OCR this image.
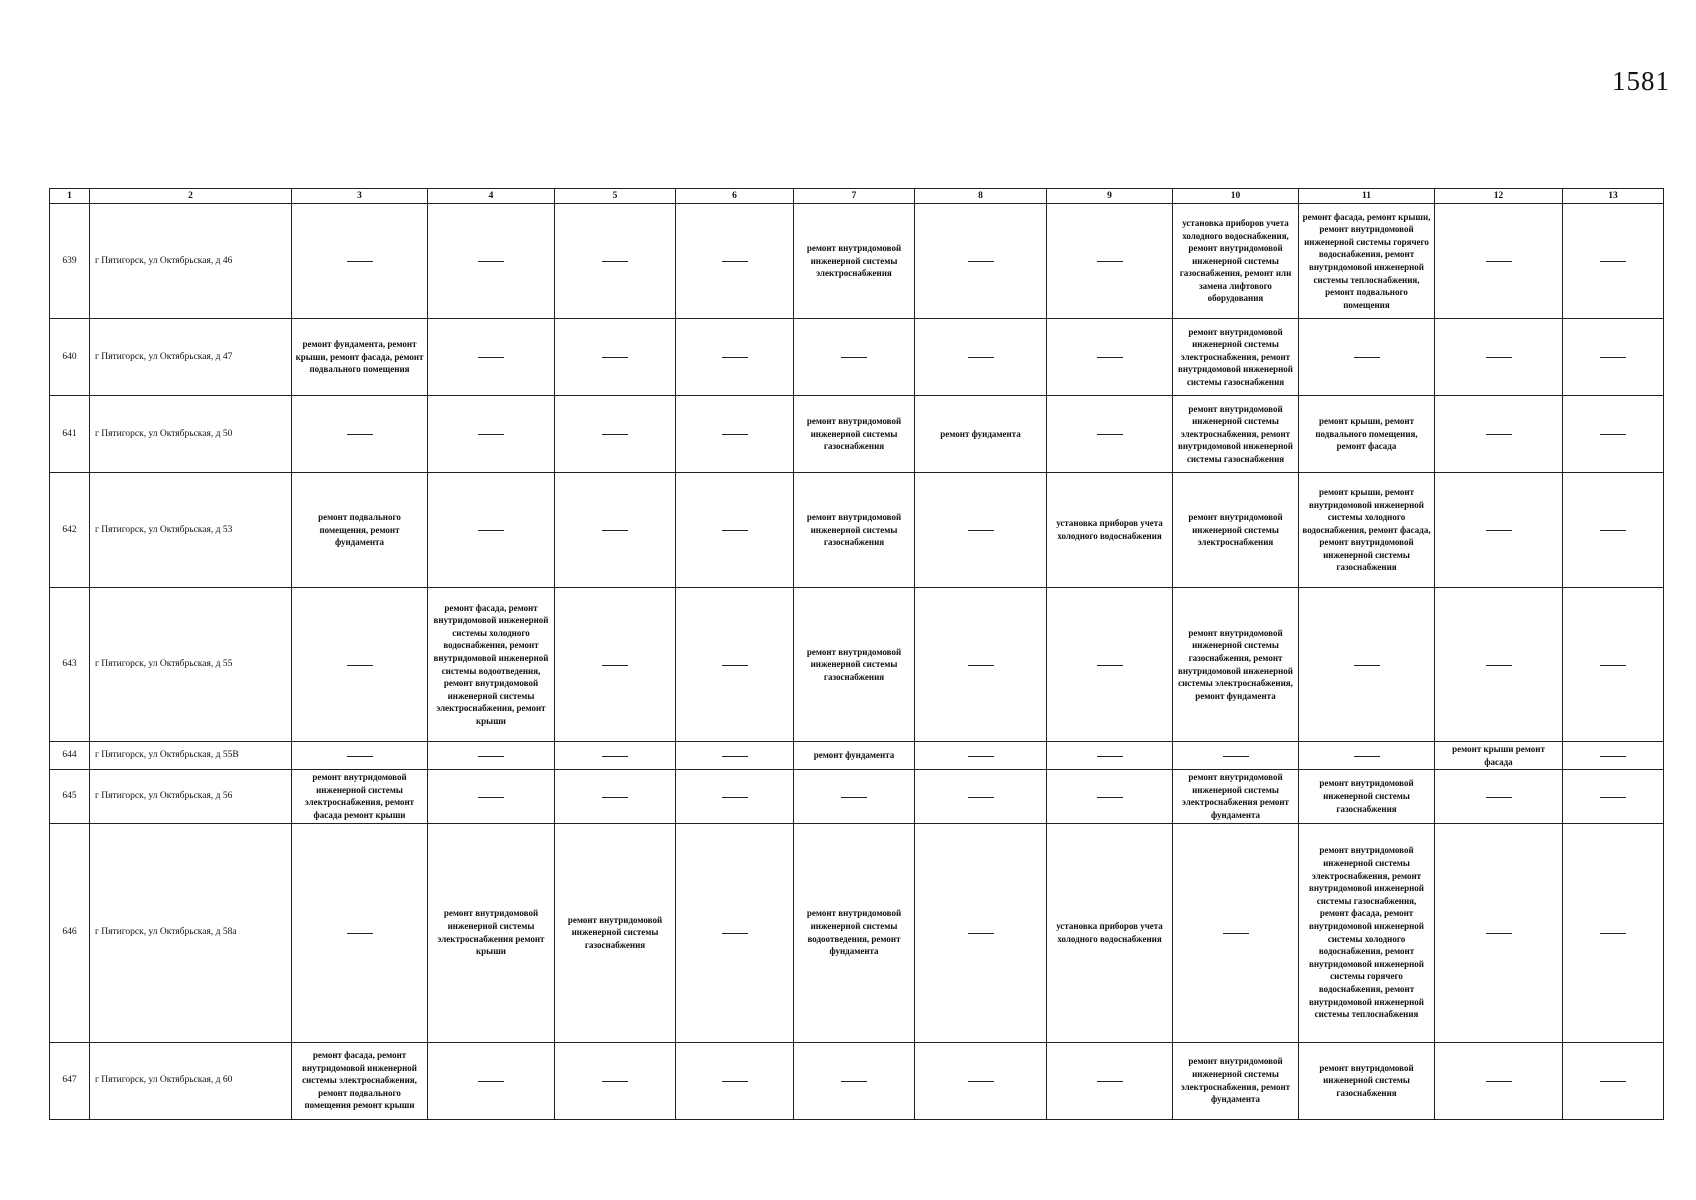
1581
1	2	3	4	5	6	7	8	9	10	11	12	13
639	г Пятигорск, ул Октябрьская, д 46					ремонт внутридомовой инженерной системы электроснабжения			установка приборов учета холодного водоснабжения, ремонт внутридомовой инженерной системы газоснабжения, ремонт или замена лифтового оборудования	ремонт фасада, ремонт крыши, ремонт внутридомовой инженерной системы горячего водоснабжения, ремонт внутридомовой инженерной системы теплоснабжения, ремонт подвального помещения		
640	г Пятигорск, ул Октябрьская, д 47	ремонт фундамента, ремонт крыши, ремонт фасада, ремонт подвального помещения							ремонт внутридомовой инженерной системы электроснабжения, ремонт внутридомовой инженерной системы газоснабжения			
641	г Пятигорск, ул Октябрьская, д 50					ремонт внутридомовой инженерной системы газоснабжения	ремонт фундамента		ремонт внутридомовой инженерной системы электроснабжения, ремонт внутридомовой инженерной системы газоснабжения	ремонт крыши, ремонт подвального помещения, ремонт фасада		
642	г Пятигорск, ул Октябрьская, д 53	ремонт подвального помещения, ремонт фундамента				ремонт внутридомовой инженерной системы газоснабжения		установка приборов учета холодного водоснабжения	ремонт внутридомовой инженерной системы электроснабжения	ремонт крыши, ремонт внутридомовой инженерной системы холодного водоснабжения, ремонт фасада, ремонт внутридомовой инженерной системы газоснабжения		
643	г Пятигорск, ул Октябрьская, д 55		ремонт фасада, ремонт внутридомовой инженерной системы холодного водоснабжения, ремонт внутридомовой инженерной системы водоотведения, ремонт внутридомовой инженерной системы электроснабжения, ремонт крыши			ремонт внутридомовой инженерной системы газоснабжения			ремонт внутридомовой инженерной системы газоснабжения, ремонт внутридомовой инженерной системы электроснабжения, ремонт фундамента			
644	г Пятигорск, ул Октябрьская, д 55В					ремонт фундамента					ремонт крыши ремонт фасада	
645	г Пятигорск, ул Октябрьская, д 56	ремонт внутридомовой инженерной системы электроснабжения, ремонт фасада ремонт крыши							ремонт внутридомовой инженерной системы электроснабжения ремонт фундамента	ремонт внутридомовой инженерной системы газоснабжения		
646	г Пятигорск, ул Октябрьская, д 58а		ремонт внутридомовой инженерной системы электроснабжения ремонт крыши	ремонт внутридомовой инженерной системы газоснабжения		ремонт внутридомовой инженерной системы водоотведения, ремонт фундамента		установка приборов учета холодного водоснабжения		ремонт внутридомовой инженерной системы электроснабжения, ремонт внутридомовой инженерной системы газоснабжения, ремонт фасада, ремонт внутридомовой инженерной системы холодного водоснабжения, ремонт внутридомовой инженерной системы горячего водоснабжения, ремонт внутридомовой инженерной системы теплоснабжения		
647	г Пятигорск, ул Октябрьская, д 60	ремонт фасада, ремонт внутридомовой инженерной системы электроснабжения, ремонт подвального помещения ремонт крыши							ремонт внутридомовой инженерной системы электроснабжения, ремонт фундамента	ремонт внутридомовой инженерной системы газоснабжения		
